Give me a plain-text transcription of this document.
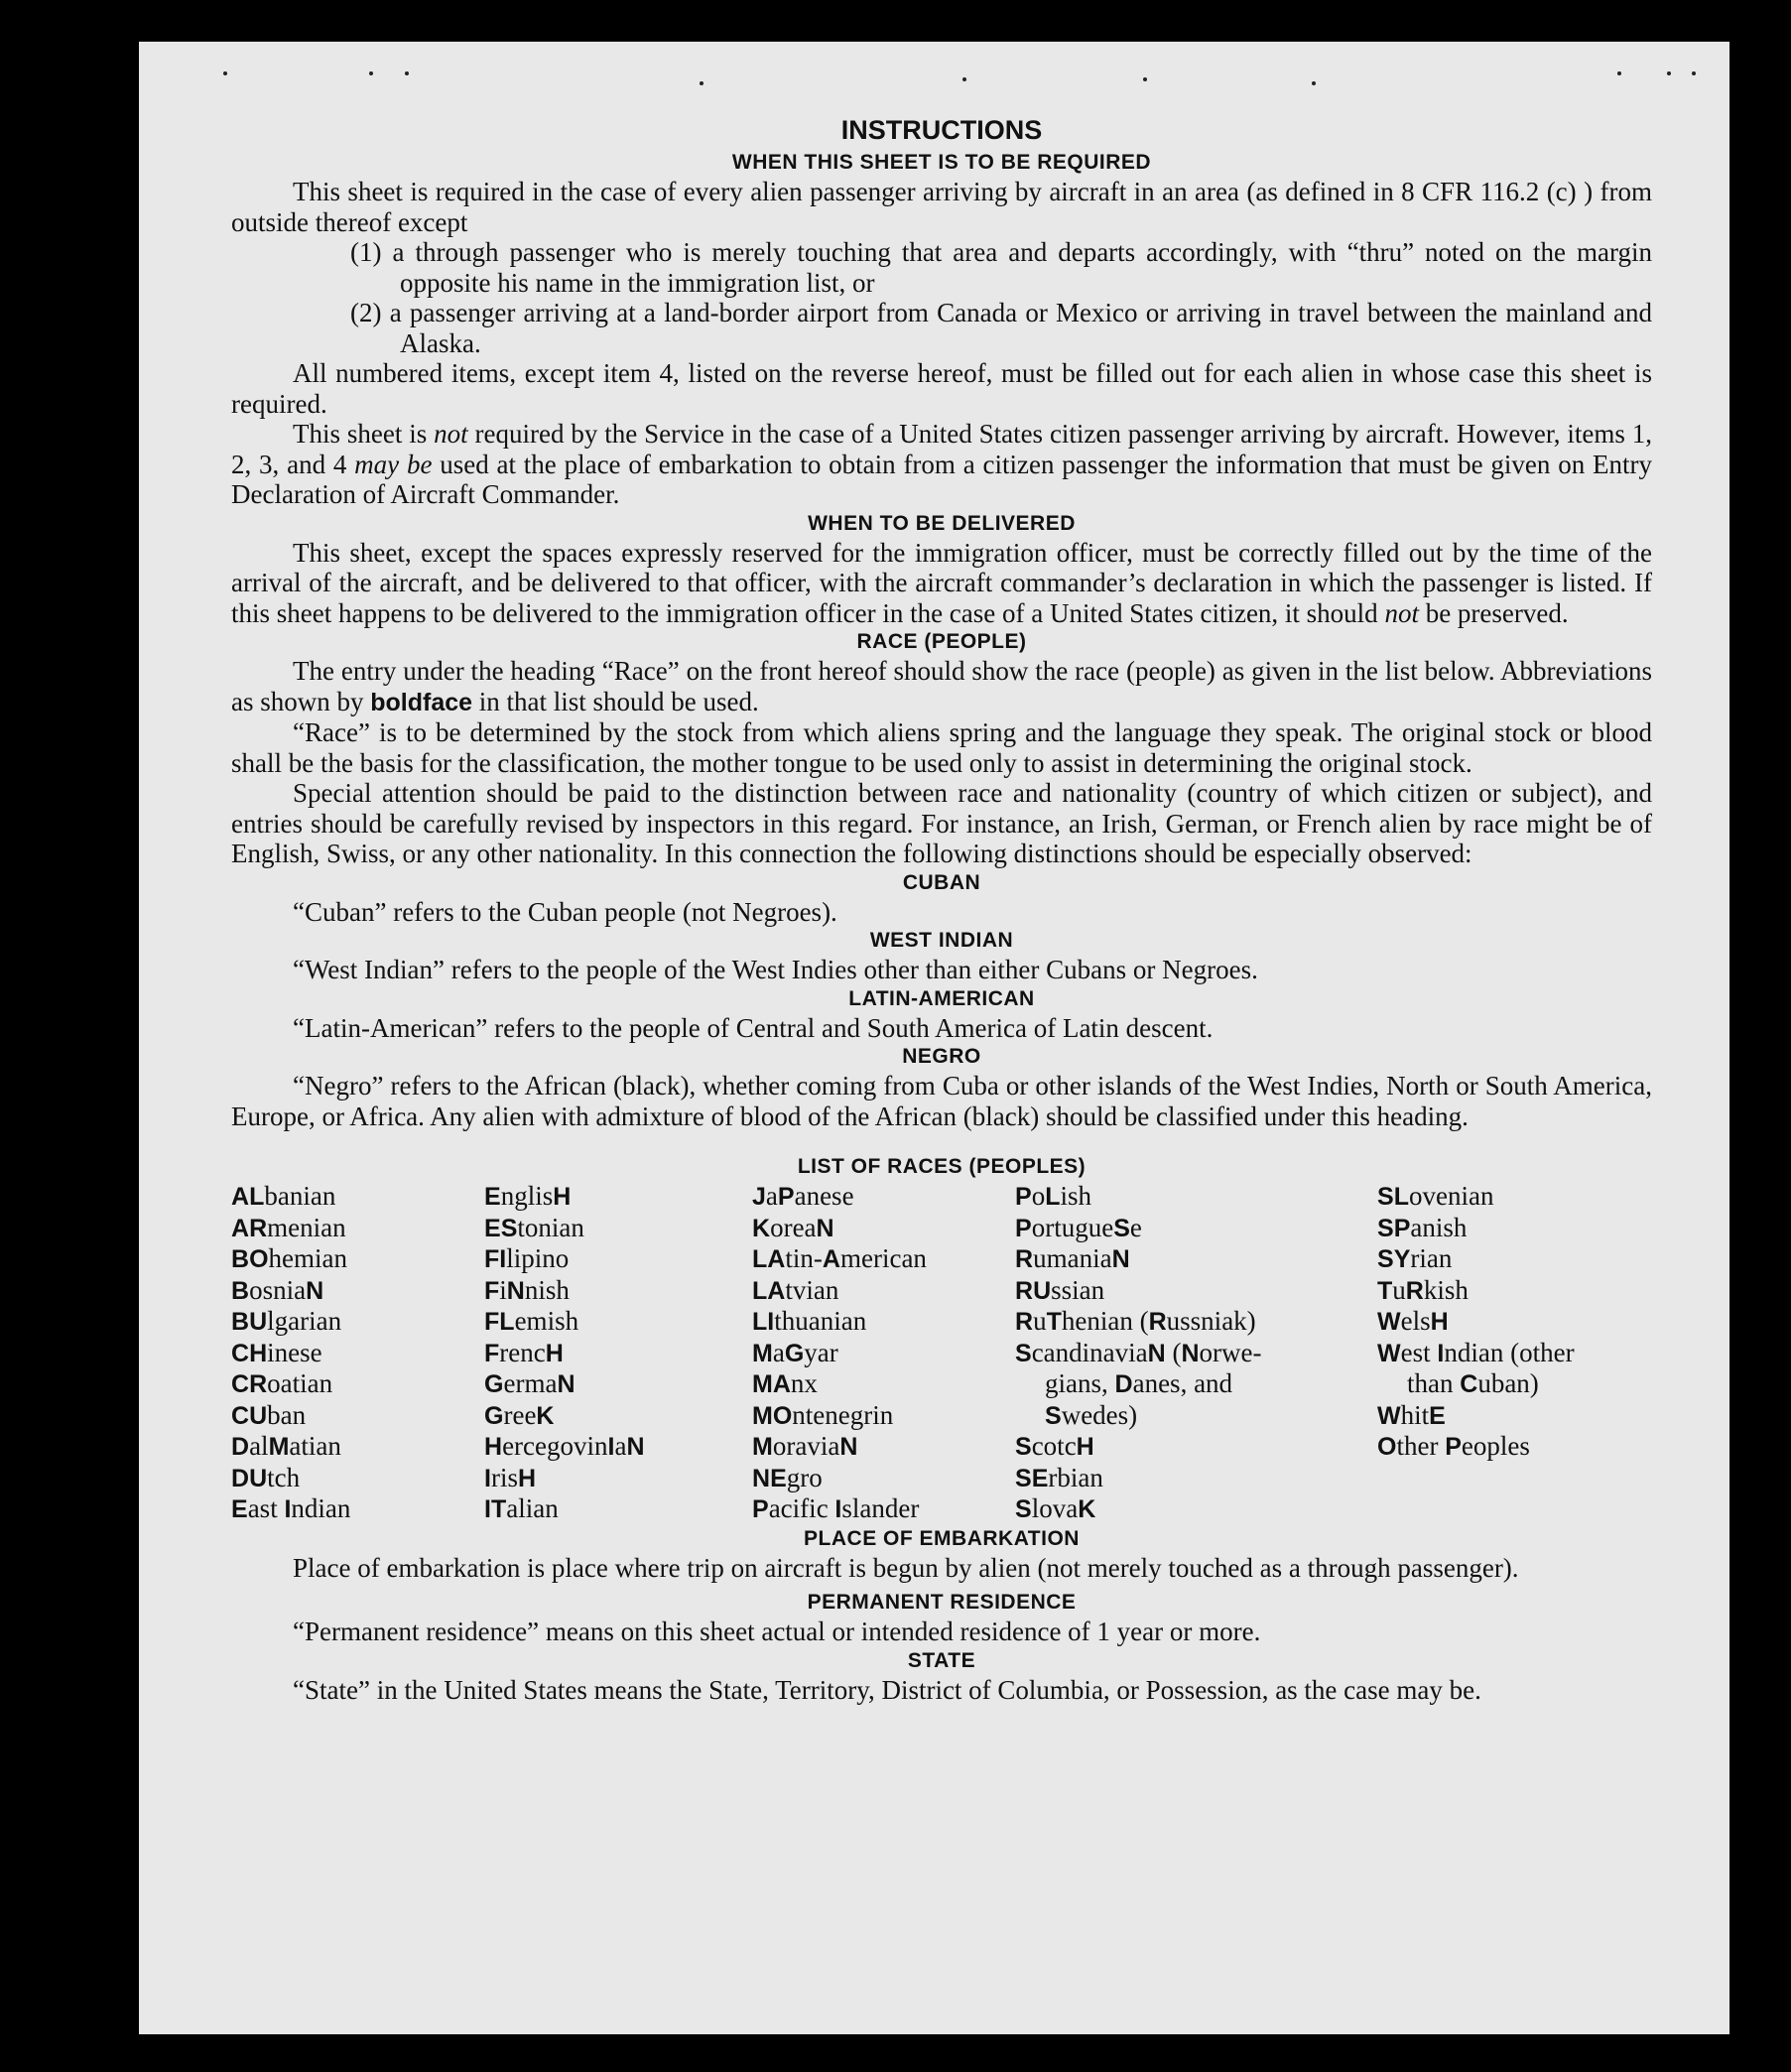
INSTRUCTIONS
WHEN THIS SHEET IS TO BE REQUIRED

This sheet is required in the case of every alien passenger arriving by aircraft in an area (as defined in 8 CFR 116.2 (c) ) from outside thereof except

(1) a through passenger who is merely touching that area and departs accordingly, with “thru” noted on the margin opposite his name in the immigration list, or

(2) a passenger arriving at a land-border airport from Canada or Mexico or arriving in travel between the mainland and Alaska.

All numbered items, except item 4, listed on the reverse hereof, must be filled out for each alien in whose case this sheet is required.

This sheet is not required by the Service in the case of a United States citizen passenger arriving by aircraft. However, items 1, 2, 3, and 4 may be used at the place of embarkation to obtain from a citizen passenger the information that must be given on Entry Declaration of Aircraft Commander.

WHEN TO BE DELIVERED

This sheet, except the spaces expressly reserved for the immigration officer, must be correctly filled out by the time of the arrival of the aircraft, and be delivered to that officer, with the aircraft commander’s declaration in which the passenger is listed. If this sheet happens to be delivered to the immigration officer in the case of a United States citizen, it should not be preserved.

RACE (PEOPLE)

The entry under the heading “Race” on the front hereof should show the race (people) as given in the list below. Abbreviations as shown by boldface in that list should be used.

“Race” is to be determined by the stock from which aliens spring and the language they speak. The original stock or blood shall be the basis for the classification, the mother tongue to be used only to assist in determining the original stock.

Special attention should be paid to the distinction between race and nationality (country of which citizen or subject), and entries should be carefully revised by inspectors in this regard. For instance, an Irish, German, or French alien by race might be of English, Swiss, or any other nationality. In this connection the following distinctions should be especially observed:

CUBAN

“Cuban” refers to the Cuban people (not Negroes).

WEST INDIAN

“West Indian” refers to the people of the West Indies other than either Cubans or Negroes.

LATIN-AMERICAN

“Latin-American” refers to the people of Central and South America of Latin descent.

NEGRO

“Negro” refers to the African (black), whether coming from Cuba or other islands of the West Indies, North or South America, Europe, or Africa. Any alien with admixture of blood of the African (black) should be classified under this heading.

LIST OF RACES (PEOPLES)
ALbanian
ARmenian
BOhemian
BosniaN
BUlgarian
CHinese
CRoatian
CUban
DalMatian
DUtch
East Indian
EnglisH
EStonian
FIlipino
FiNnish
FLemish
FrencH
GermaN
GreeK
HercegovinIaN
IrisH
ITalian
JaPanese
KoreaN
LAtin-American
LAtvian
LIthuanian
MaGyar
MAnx
MOntenegrin
MoraviaN
NEgro
Pacific Islander
PoLish
PortugueSe
RumaniaN
RUssian
RuThenian (Russniak)
ScandinaviaN (Norwe-
gians, Danes, and
Swedes)
ScotcH
SErbian
SlovaK
SLovenian
SPanish
SYrian
TuRkish
WelsH
West Indian (other
than Cuban)
WhitE
Other Peoples
PLACE OF EMBARKATION

Place of embarkation is place where trip on aircraft is begun by alien (not merely touched as a through passenger).

PERMANENT RESIDENCE

“Permanent residence” means on this sheet actual or intended residence of 1 year or more.

STATE

“State” in the United States means the State, Territory, District of Columbia, or Possession, as the case may be.
